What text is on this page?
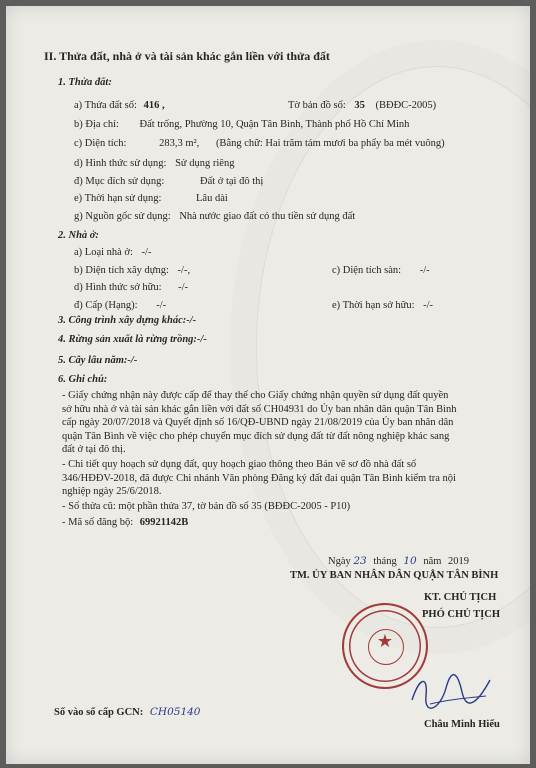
II. Thửa đất, nhà ở và tài sản khác gắn liền với thửa đất
1. Thửa đất:
a) Thửa đất số: 416 ,	Tờ bản đồ số: 35 (BĐĐC-2005)
b) Địa chỉ: Đất trống, Phường 10, Quận Tân Bình, Thành phố Hồ Chí Minh
c) Diện tích:	283,3 m², (Bằng chữ: Hai trăm tám mươi ba phẩy ba mét vuông)
d) Hình thức sử dụng: Sử dụng riêng
đ) Mục đích sử dụng:	Đất ở tại đô thị
e) Thời hạn sử dụng:	Lâu dài
g) Nguồn gốc sử dụng: Nhà nước giao đất có thu tiền sử dụng đất
2. Nhà ở:
a) Loại nhà ở: -/-
b) Diện tích xây dựng: -/-,	c) Diện tích sàn: -/-
d) Hình thức sở hữu: -/-
đ) Cấp (Hạng): -/-	e) Thời hạn sở hữu: -/-
3. Công trình xây dựng khác:-/-
4. Rừng sản xuất là rừng trồng:-/-
5. Cây lâu năm:-/-
6. Ghi chú:
- Giấy chứng nhận này được cấp để thay thế cho Giấy chứng nhận quyền sử dụng đất quyền
sở hữu nhà ở và tài sản khác gắn liền với đất số CH04931 do Ủy ban nhân dân quận Tân Bình
cấp ngày 20/07/2018 và Quyết định số 16/QĐ-UBND ngày 21/08/2019 của Ủy ban nhân dân
quận Tân Bình về việc cho phép chuyển mục đích sử dụng đất từ đất nông nghiệp khác sang
đất ở tại đô thị.
- Chi tiết quy hoạch sử dụng đất, quy hoạch giao thông theo Bản vẽ sơ đồ nhà đất số
346/HĐĐV-2018, đã được Chi nhánh Văn phòng Đăng ký đất đai quận Tân Bình kiểm tra nội
nghiệp ngày 25/6/2018.
- Số thửa cũ: một phần thửa 37, tờ bản đồ số 35 (BĐĐC-2005 - P10)
- Mã số đăng bộ: 69921142B
Ngày 23 tháng 10 năm 2019
TM. ỦY BAN NHÂN DÂN QUẬN TÂN BÌNH
KT. CHỦ TỊCH
PHÓ CHỦ TỊCH
★
Số vào sổ cấp GCN: CH05140
Châu Minh Hiếu
